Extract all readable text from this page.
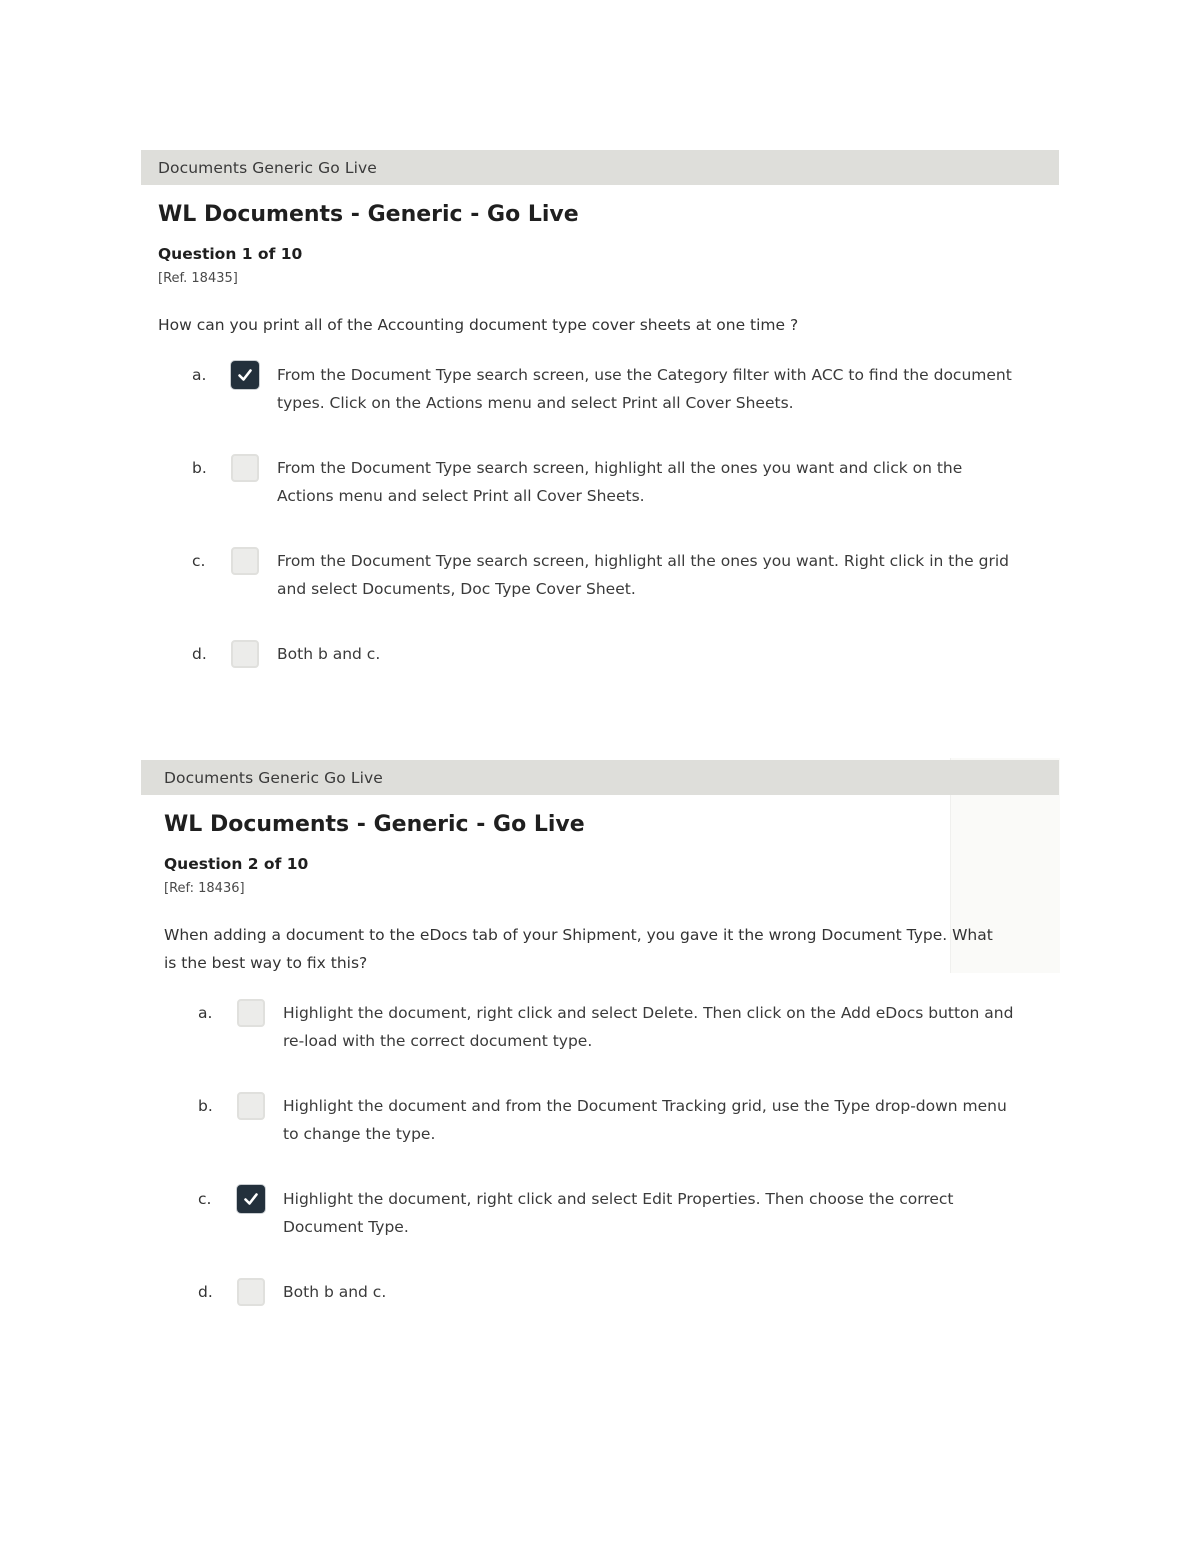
Documents Generic Go Live
WL Documents - Generic - Go Live
Question 1 of 10
[Ref. 18435]
How can you print all of the Accounting document type cover sheets at one time ?
a.	From the Document Type search screen, use the Category filter with ACC to find the document types. Click on the Actions menu and select Print all Cover Sheets.
b.	From the Document Type search screen, highlight all the ones you want and click on the Actions menu and select Print all Cover Sheets.
c.	From the Document Type search screen, highlight all the ones you want. Right click in the grid and select Documents, Doc Type Cover Sheet.
d.	Both b and c.
Documents Generic Go Live
WL Documents - Generic - Go Live
Question 2 of 10
[Ref: 18436]
When adding a document to the eDocs tab of your Shipment, you gave it the wrong Document Type. What is the best way to fix this?
a.	Highlight the document, right click and select Delete. Then click on the Add eDocs button and re-load with the correct document type.
b.	Highlight the document and from the Document Tracking grid, use the Type drop-down menu to change the type.
c.	Highlight the document, right click and select Edit Properties. Then choose the correct Document Type.
d.	Both b and c.
